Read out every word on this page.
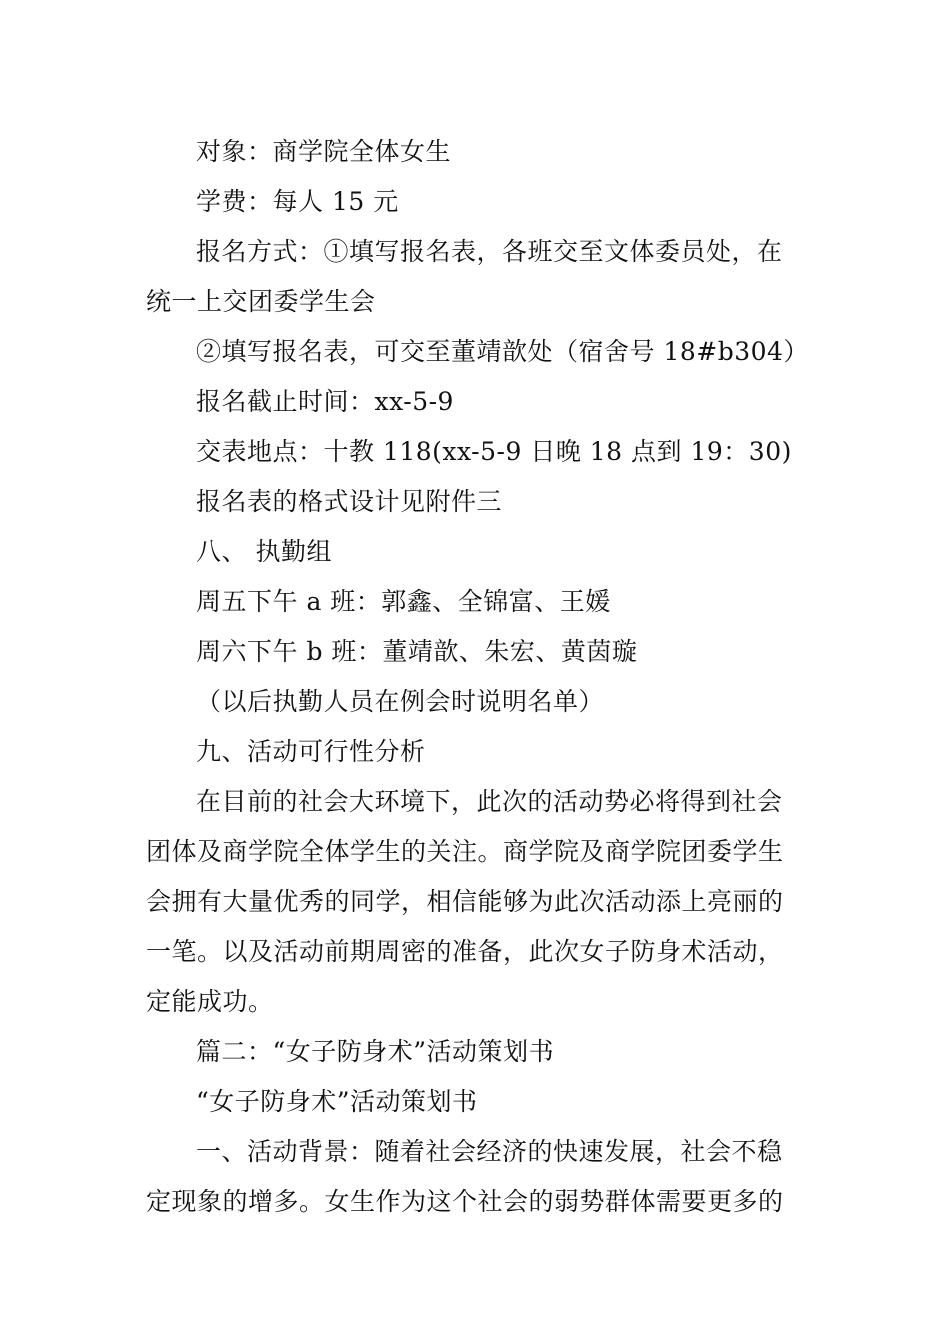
对象：商学院全体女生
学费：每人 15 元
报名方式：①填写报名表，各班交至文体委员处，在
统一上交团委学生会
②填写报名表，可交至董靖歆处（宿舍号 18#b304）
报名截止时间：xx-5-9
交表地点：十教 118(xx-5-9 日晚 18 点到 19：30)
报名表的格式设计见附件三
八、 执勤组
周五下午 a 班：郭鑫、全锦富、王媛
周六下午 b 班：董靖歆、朱宏、黄茵璇
（以后执勤人员在例会时说明名单）
九、活动可行性分析
在目前的社会大环境下，此次的活动势必将得到社会
团体及商学院全体学生的关注。商学院及商学院团委学生
会拥有大量优秀的同学，相信能够为此次活动添上亮丽的
一笔。以及活动前期周密的准备，此次女子防身术活动，
定能成功。
篇二：“女子防身术”活动策划书
“女子防身术”活动策划书
一、活动背景：随着社会经济的快速发展，社会不稳
定现象的增多。女生作为这个社会的弱势群体需要更多的
